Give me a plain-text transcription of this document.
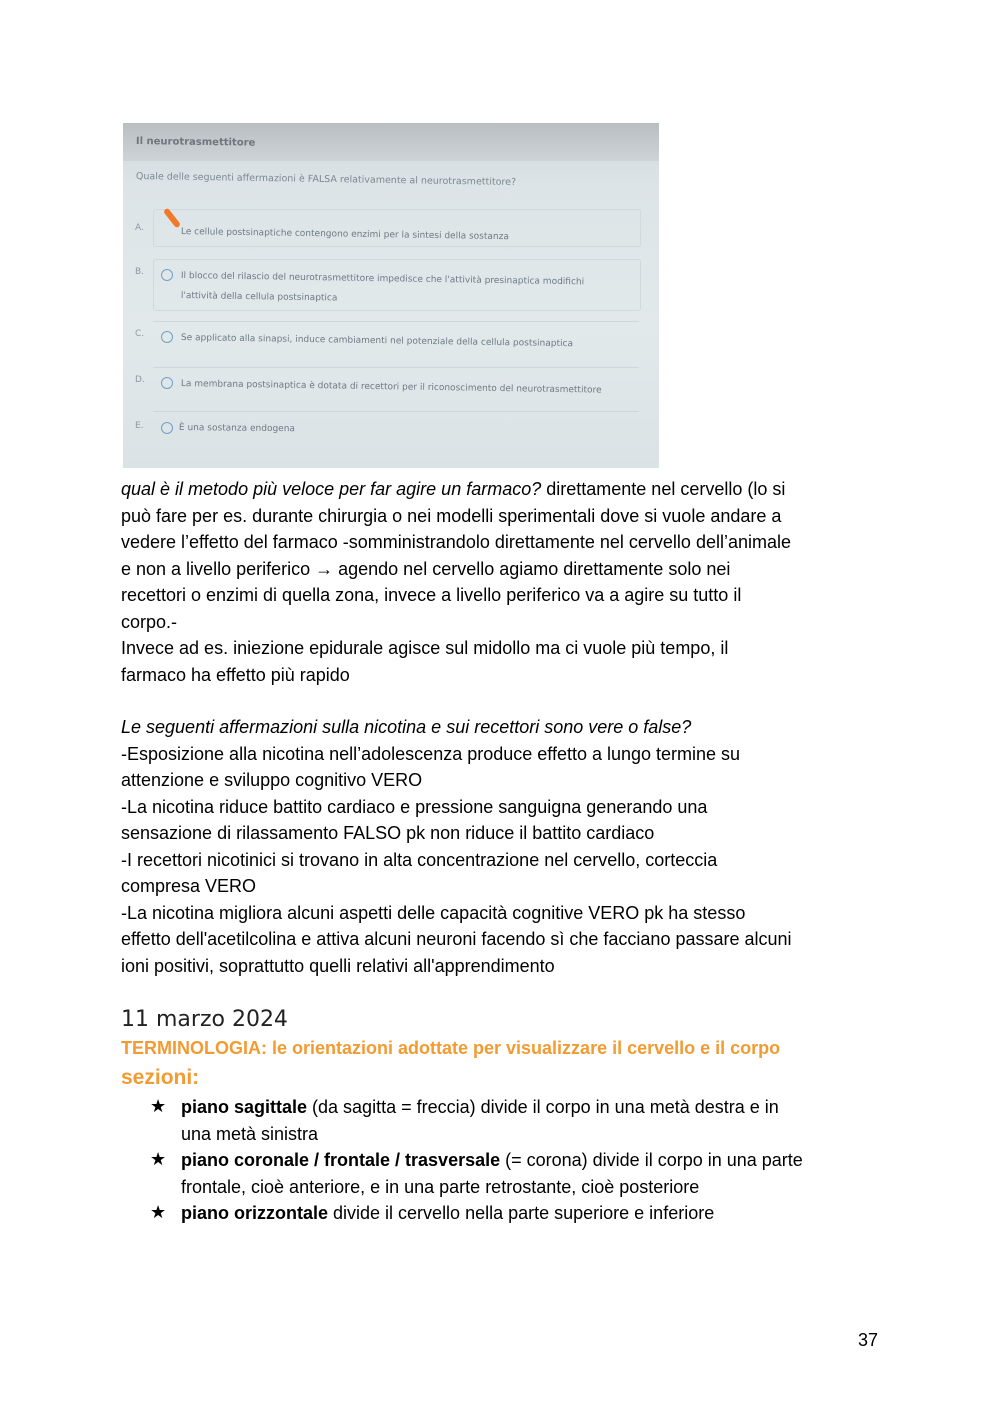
Il neurotrasmettitore
Quale delle seguenti affermazioni è FALSA relativamente al neurotrasmettitore?
A.	Le cellule postsinaptiche contengono enzimi per la sintesi della sostanza
B.	Il blocco del rilascio del neurotrasmettitore impedisce che l'attività presinaptica modifichi
l'attività della cellula postsinaptica
C.	Se applicato alla sinapsi, induce cambiamenti nel potenziale della cellula postsinaptica
D.	La membrana postsinaptica è dotata di recettori per il riconoscimento del neurotrasmettitore
E.	È una sostanza endogena

qual è il metodo più veloce per far agire un farmaco? direttamente nel cervello (lo si

può fare per es. durante chirurgia o nei modelli sperimentali dove si vuole andare a

vedere l’effetto del farmaco -somministrandolo direttamente nel cervello dell’animale

e non a livello periferico → agendo nel cervello agiamo direttamente solo nei

recettori o enzimi di quella zona, invece a livello periferico va a agire su tutto il

corpo.-

Invece ad es. iniezione epidurale agisce sul midollo ma ci vuole più tempo, il

farmaco ha effetto più rapido

Le seguenti affermazioni sulla nicotina e sui recettori sono vere o false?

-Esposizione alla nicotina nell’adolescenza produce effetto a lungo termine su

attenzione e sviluppo cognitivo VERO

-La nicotina riduce battito cardiaco e pressione sanguigna generando una

sensazione di rilassamento FALSO pk non riduce il battito cardiaco

-I recettori nicotinici si trovano in alta concentrazione nel cervello, corteccia

compresa VERO

-La nicotina migliora alcuni aspetti delle capacità cognitive VERO pk ha stesso

effetto dell'acetilcolina e attiva alcuni neuroni facendo sì che facciano passare alcuni

ioni positivi, soprattutto quelli relativi all'apprendimento

11 marzo 2024
TERMINOLOGIA: le orientazioni adottate per visualizzare il cervello e il corpo
sezioni:
★ piano sagittale (da sagitta = freccia) divide il corpo in una metà destra e in
una metà sinistra
★ piano coronale / frontale / trasversale (= corona) divide il corpo in una parte
frontale, cioè anteriore, e in una parte retrostante, cioè posteriore
★ piano orizzontale divide il cervello nella parte superiore e inferiore
37
